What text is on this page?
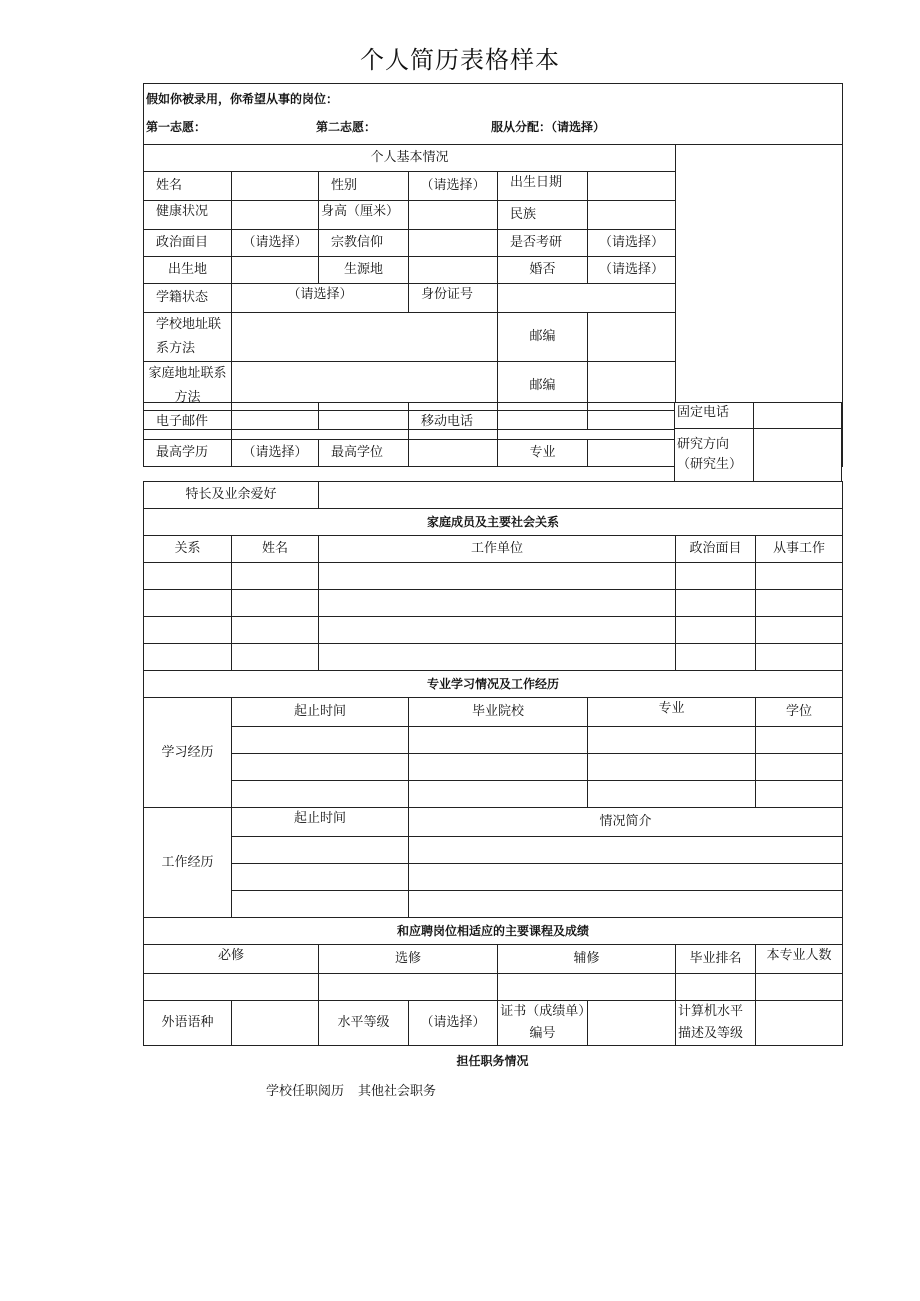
个人简历表格样本
假如你被录用，你希望从事的岗位：
第一志愿： 第二志愿： 服从分配：（请选择）						

个人基本情况						
姓名		性别	（请选择）	出生日期		
健康状况		身高（厘米）		民族		
政治面目	（请选择）	宗教信仰		是否考研	（请选择）	
出生地		生源地		婚否	（请选择）	
学籍状态	（请选择）		身份证号			
学校地址联系方法				邮编		
家庭地址联系方法				邮编		
电子邮件			移动电话			
最高学历	（请选择）	最高学位		专业		
固定电话
研究方向（研究生）
特长及业余爱好							
家庭成员及主要社会关系							
关系	姓名	工作单位				政治面目	从事工作

专业学习情况及工作经历							
学习经历	起止时间		毕业院校		专业		学位

工作经历	起止时间		情况简介				

和应聘岗位相适应的主要课程及成绩							
必修		选修		辅修		毕业排名	本专业人数

外语语种		水平等级	（请选择）	证书（成绩单）编号		计算机水平描述及等级	
担任职务情况
学校任职阅历 其他社会职务
